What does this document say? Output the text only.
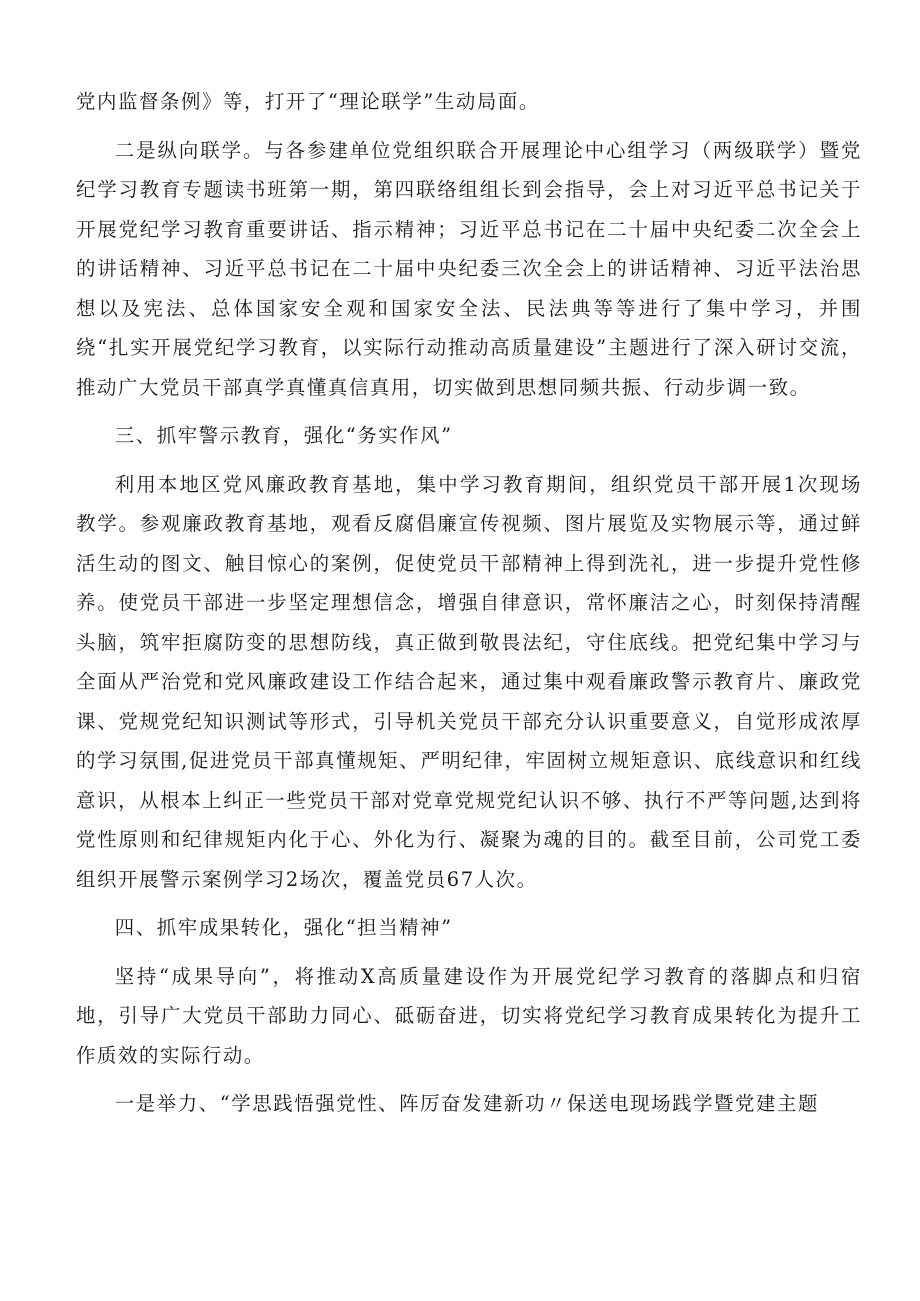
党内监督条例》等，打开了“理论联学”生动局面。

二是纵向联学。与各参建单位党组织联合开展理论中心组学习（两级联学）暨党纪学习教育专题读书班第一期，第四联络组组长到会指导，会上对习近平总书记关于开展党纪学习教育重要讲话、指示精神；习近平总书记在二十届中央纪委二次全会上的讲话精神、习近平总书记在二十届中央纪委三次全会上的讲话精神、习近平法治思想以及宪法、总体国家安全观和国家安全法、民法典等等进行了集中学习，并围绕“扎实开展党纪学习教育，以实际行动推动高质量建设”主题进行了深入研讨交流，推动广大党员干部真学真懂真信真用，切实做到思想同频共振、行动步调一致。

三、抓牢警示教育，强化“务实作风”

利用本地区党风廉政教育基地，集中学习教育期间，组织党员干部开展1次现场教学。参观廉政教育基地，观看反腐倡廉宣传视频、图片展览及实物展示等，通过鲜活生动的图文、触目惊心的案例，促使党员干部精神上得到洗礼，进一步提升党性修养。使党员干部进一步坚定理想信念，增强自律意识，常怀廉洁之心，时刻保持清醒头脑，筑牢拒腐防变的思想防线，真正做到敬畏法纪，守住底线。把党纪集中学习与全面从严治党和党风廉政建设工作结合起来，通过集中观看廉政警示教育片、廉政党课、党规党纪知识测试等形式，引导机关党员干部充分认识重要意义，自觉形成浓厚的学习氛围,促进党员干部真懂规矩、严明纪律，牢固树立规矩意识、底线意识和红线意识，从根本上纠正一些党员干部对党章党规党纪认识不够、执行不严等问题,达到将党性原则和纪律规矩内化于心、外化为行、凝聚为魂的目的。截至目前，公司党工委组织开展警示案例学习2场次，覆盖党员67人次。

四、抓牢成果转化，强化“担当精神”

坚持“成果导向”，将推动X高质量建设作为开展党纪学习教育的落脚点和归宿地，引导广大党员干部助力同心、砥砺奋进，切实将党纪学习教育成果转化为提升工作质效的实际行动。

一是举力、“学思践悟强党性、阵厉奋发建新功〃保送电现场践学暨党建主题
